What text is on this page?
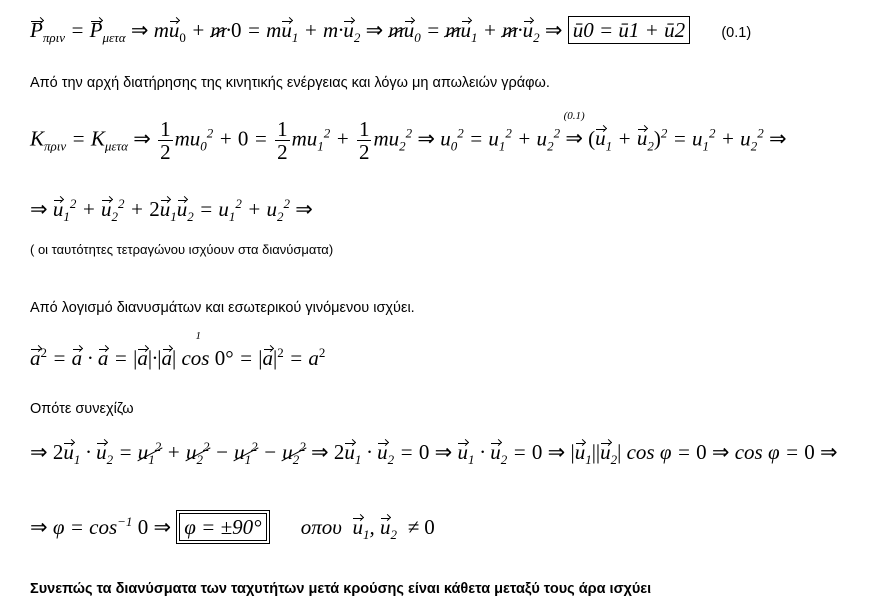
$P_{\pi\rho\iota\nu} = P_{\mu\varepsilon\tau\alpha}$ ⇒ $mu_0 + m\cdot 0 = mu_1 + m\cdot u_2$ ⇒ $mu_0 = mu_1 + m\cdot u_2$ ⇒ ū0 = ū1 + ū2	(0.1)
Από την αρχή διατήρησης της κινητικής ενέργειας και λόγω μη απωλειών γράφω.
$K_{\pi\rho\iota\nu} = K_{\mu\varepsilon\tau\alpha}$ ⇒ $\frac{1}{2} mu_0^2 + 0 = \frac{1}{2} mu_1^2 + \frac{1}{2} mu_2^2$ ⇒ $u_0^2 = u_1^2 + u_2^2$ ⇒
(0.1)
$(u_1 + u_2)^2 = u_1^2 + u_2^2$ ⇒
⇒ $u_1^2 + u_2^2 + 2u_1u_2 = u_1^2 + u_2^2$ ⇒
( οι ταυτότητες τετραγώνου ισχύουν στα διανύσματα)
Από λογισμό διανυσμάτων και εσωτερικού γινόμενου ισχύει.
$a^2 = a \cdot a = |a|\cdot|a|$ cos
1
$0^\circ = |a|^2 = a^2$
Οπότε συνεχίζω
⇒ $2u_1 \cdot u_2 = u_1^2 + u_2^2 - u_1^2 - u_2^2$ ⇒ $2u_1 \cdot u_2 = 0$ ⇒ $u_1 \cdot u_2 = 0$ ⇒ $|u_1||u_2|$ cos φ = 0 ⇒ cos φ = 0 ⇒
⇒ $\varphi = \cos^{-1} 0$ ⇒ φ = ±90° οπου  $u_1$, $u_2 \ne 0$
Συνεπώς τα διανύσματα των ταχυτήτων μετά κρούσης είναι κάθετα μεταξύ τους άρα ισχύει
